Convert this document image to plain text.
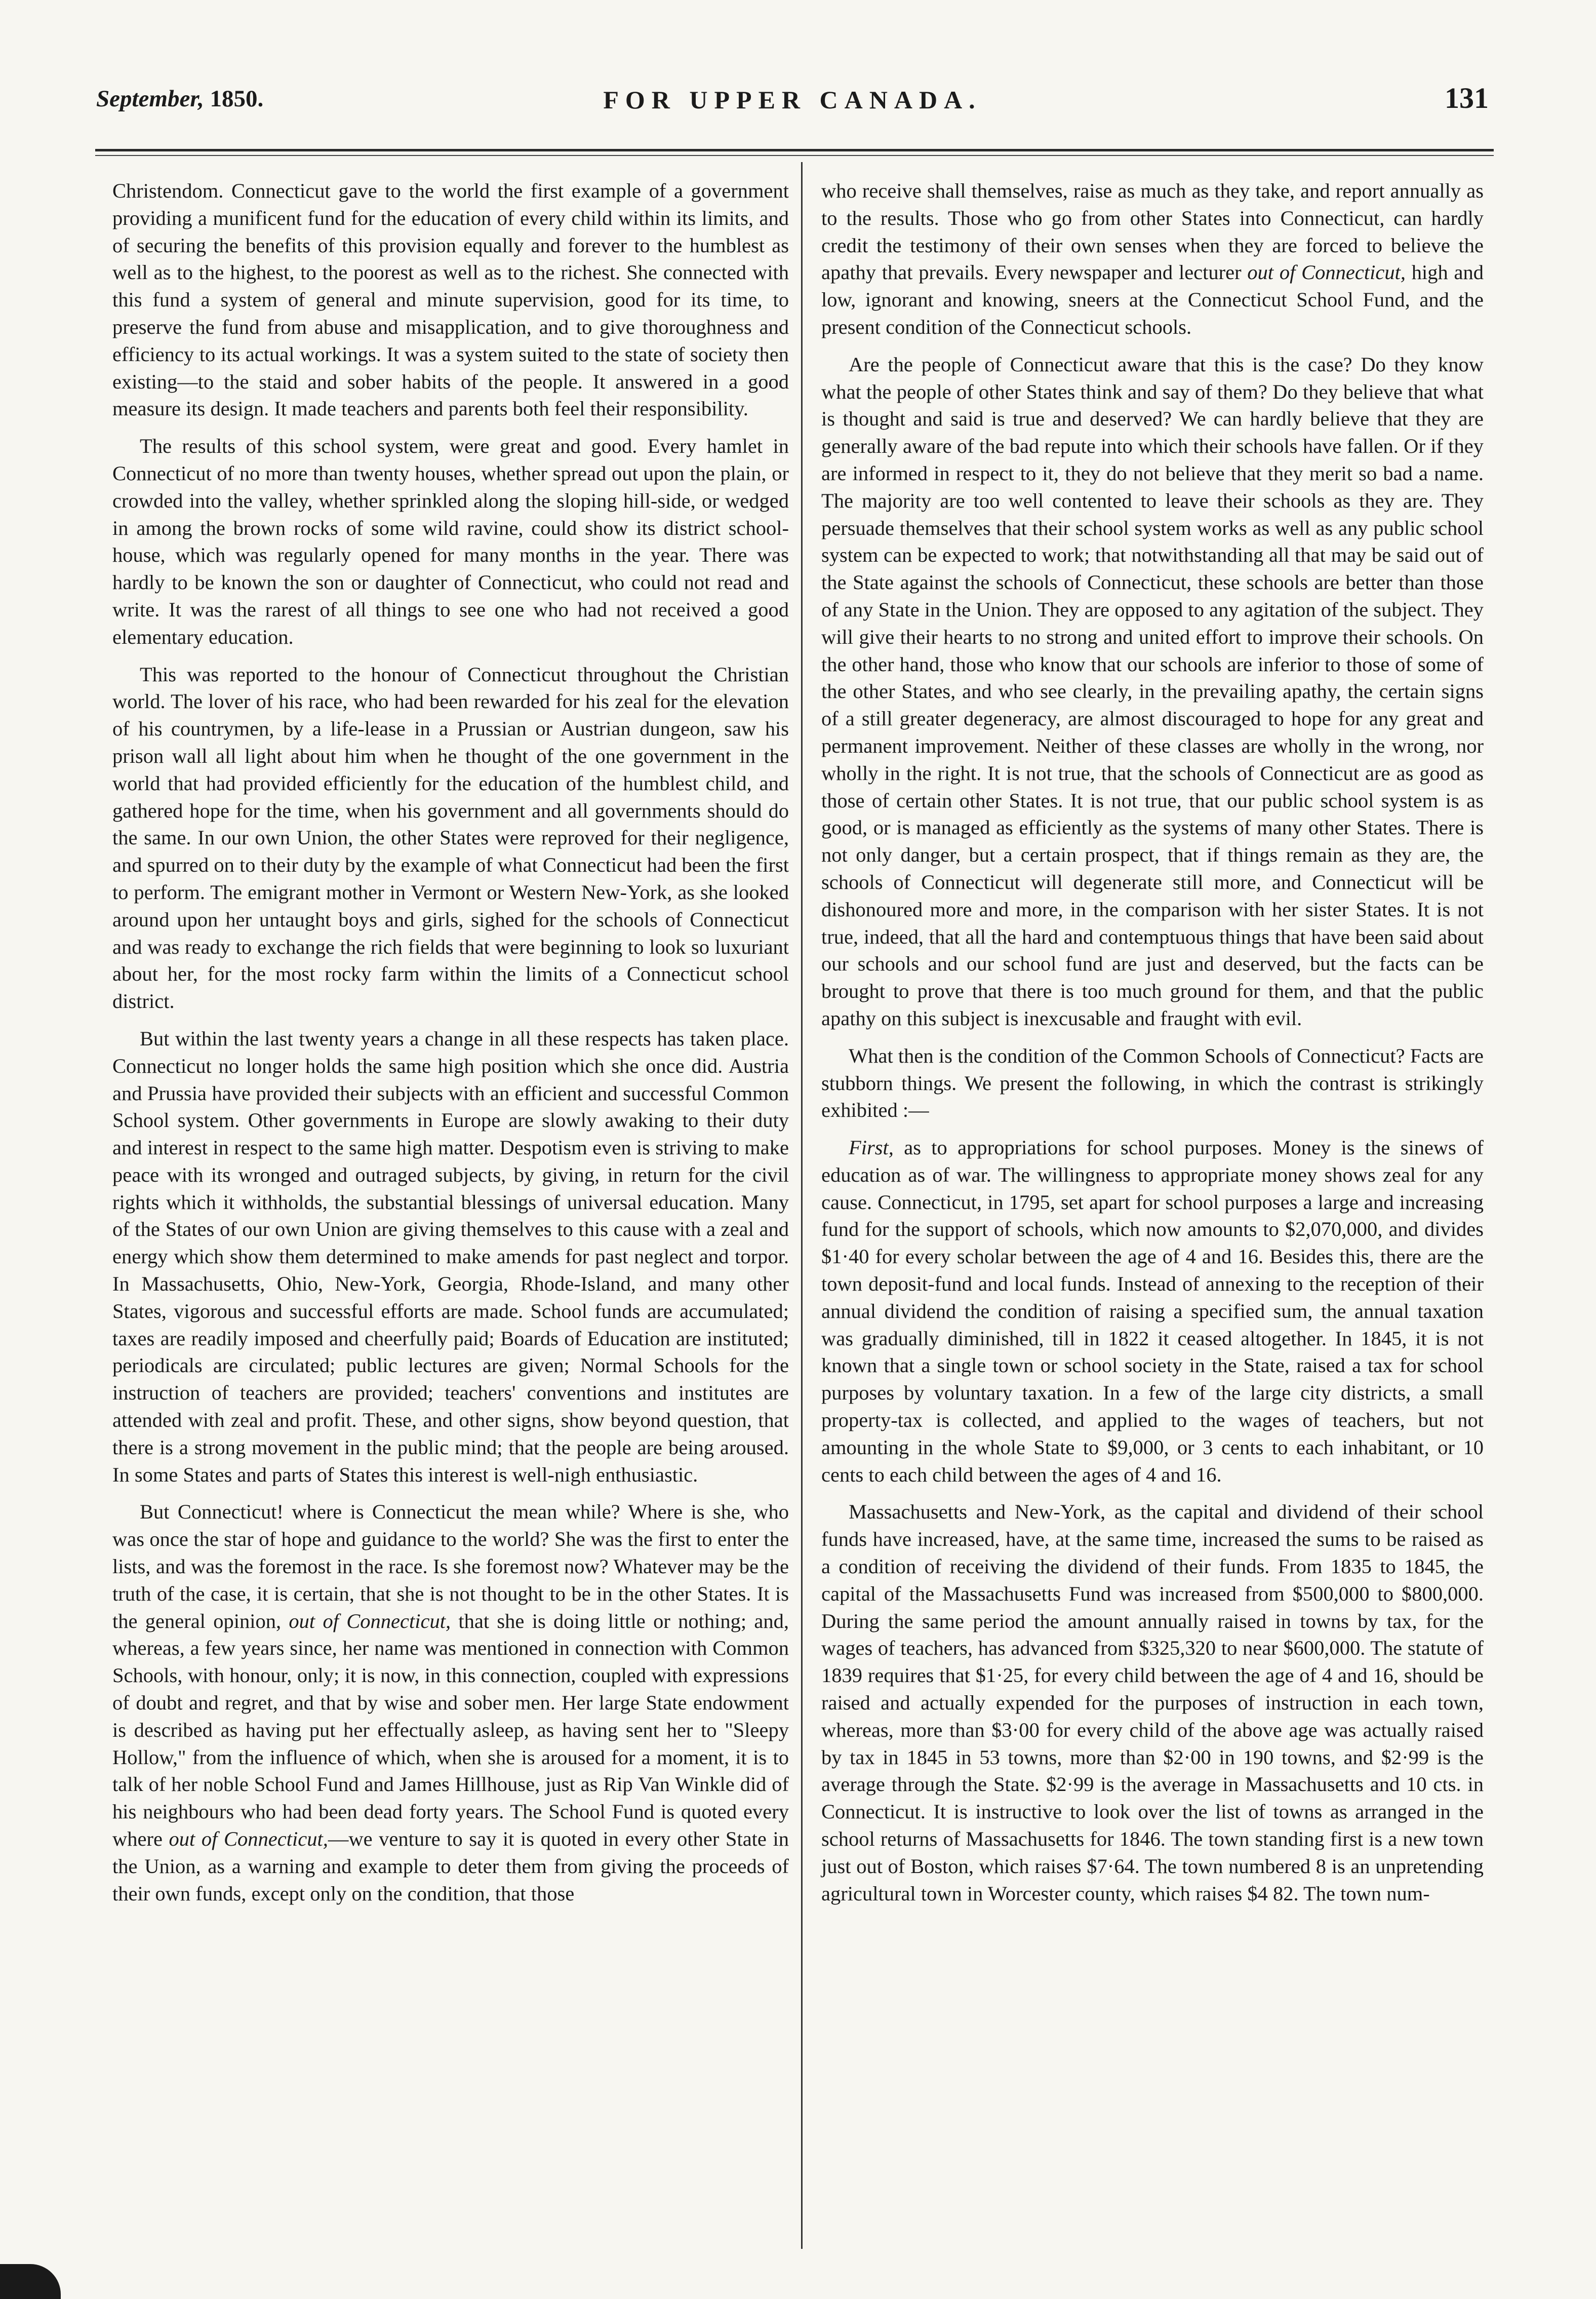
September, 1850.	FOR UPPER CANADA.	131

Christendom. Connecticut gave to the world the first example of a government providing a munificent fund for the education of every child within its limits, and of securing the benefits of this provision equally and forever to the humblest as well as to the highest, to the poorest as well as to the richest. She connected with this fund a system of general and minute supervision, good for its time, to preserve the fund from abuse and misapplication, and to give thoroughness and efficiency to its actual workings. It was a system suited to the state of society then existing—to the staid and sober habits of the people. It answered in a good measure its design. It made teachers and parents both feel their responsibility.

The results of this school system, were great and good. Every hamlet in Connecticut of no more than twenty houses, whether spread out upon the plain, or crowded into the valley, whether sprinkled along the sloping hill-side, or wedged in among the brown rocks of some wild ravine, could show its district school-house, which was regularly opened for many months in the year. There was hardly to be known the son or daughter of Connecticut, who could not read and write. It was the rarest of all things to see one who had not received a good elementary education.

This was reported to the honour of Connecticut throughout the Christian world. The lover of his race, who had been rewarded for his zeal for the elevation of his countrymen, by a life-lease in a Prussian or Austrian dungeon, saw his prison wall all light about him when he thought of the one government in the world that had provided efficiently for the education of the humblest child, and gathered hope for the time, when his government and all governments should do the same. In our own Union, the other States were reproved for their negligence, and spurred on to their duty by the example of what Connecticut had been the first to perform. The emigrant mother in Vermont or Western New-York, as she looked around upon her untaught boys and girls, sighed for the schools of Connecticut and was ready to exchange the rich fields that were beginning to look so luxuriant about her, for the most rocky farm within the limits of a Connecticut school district.

But within the last twenty years a change in all these respects has taken place. Connecticut no longer holds the same high position which she once did. Austria and Prussia have provided their subjects with an efficient and successful Common School system. Other governments in Europe are slowly awaking to their duty and interest in respect to the same high matter. Despotism even is striving to make peace with its wronged and outraged subjects, by giving, in return for the civil rights which it withholds, the substantial blessings of universal education. Many of the States of our own Union are giving themselves to this cause with a zeal and energy which show them determined to make amends for past neglect and torpor. In Massachusetts, Ohio, New-York, Georgia, Rhode-Island, and many other States, vigorous and successful efforts are made. School funds are accumulated; taxes are readily imposed and cheerfully paid; Boards of Education are instituted; periodicals are circulated; public lectures are given; Normal Schools for the instruction of teachers are provided; teachers' conventions and institutes are attended with zeal and profit. These, and other signs, show beyond question, that there is a strong movement in the public mind; that the people are being aroused. In some States and parts of States this interest is well-nigh enthusiastic.

But Connecticut! where is Connecticut the mean while? Where is she, who was once the star of hope and guidance to the world? She was the first to enter the lists, and was the foremost in the race. Is she foremost now? Whatever may be the truth of the case, it is certain, that she is not thought to be in the other States. It is the general opinion, out of Connecticut, that she is doing little or nothing; and, whereas, a few years since, her name was mentioned in connection with Common Schools, with honour, only; it is now, in this connection, coupled with expressions of doubt and regret, and that by wise and sober men. Her large State endowment is described as having put her effectually asleep, as having sent her to "Sleepy Hollow," from the influence of which, when she is aroused for a moment, it is to talk of her noble School Fund and James Hillhouse, just as Rip Van Winkle did of his neighbours who had been dead forty years. The School Fund is quoted every where out of Connecticut,—we venture to say it is quoted in every other State in the Union, as a warning and example to deter them from giving the proceeds of their own funds, except only on the condition, that those

who receive shall themselves, raise as much as they take, and report annually as to the results. Those who go from other States into Connecticut, can hardly credit the testimony of their own senses when they are forced to believe the apathy that prevails. Every newspaper and lecturer out of Connecticut, high and low, ignorant and knowing, sneers at the Connecticut School Fund, and the present condition of the Connecticut schools.

Are the people of Connecticut aware that this is the case? Do they know what the people of other States think and say of them? Do they believe that what is thought and said is true and deserved? We can hardly believe that they are generally aware of the bad repute into which their schools have fallen. Or if they are informed in respect to it, they do not believe that they merit so bad a name. The majority are too well contented to leave their schools as they are. They persuade themselves that their school system works as well as any public school system can be expected to work; that notwithstanding all that may be said out of the State against the schools of Connecticut, these schools are better than those of any State in the Union. They are opposed to any agitation of the subject. They will give their hearts to no strong and united effort to improve their schools. On the other hand, those who know that our schools are inferior to those of some of the other States, and who see clearly, in the prevailing apathy, the certain signs of a still greater degeneracy, are almost discouraged to hope for any great and permanent improvement. Neither of these classes are wholly in the wrong, nor wholly in the right. It is not true, that the schools of Connecticut are as good as those of certain other States. It is not true, that our public school system is as good, or is managed as efficiently as the systems of many other States. There is not only danger, but a certain prospect, that if things remain as they are, the schools of Connecticut will degenerate still more, and Connecticut will be dishonoured more and more, in the comparison with her sister States. It is not true, indeed, that all the hard and contemptuous things that have been said about our schools and our school fund are just and deserved, but the facts can be brought to prove that there is too much ground for them, and that the public apathy on this subject is inexcusable and fraught with evil.

What then is the condition of the Common Schools of Connecticut? Facts are stubborn things. We present the following, in which the contrast is strikingly exhibited :—

First, as to appropriations for school purposes. Money is the sinews of education as of war. The willingness to appropriate money shows zeal for any cause. Connecticut, in 1795, set apart for school purposes a large and increasing fund for the support of schools, which now amounts to $2,070,000, and divides $1·40 for every scholar between the age of 4 and 16. Besides this, there are the town deposit-fund and local funds. Instead of annexing to the reception of their annual dividend the condition of raising a specified sum, the annual taxation was gradually diminished, till in 1822 it ceased altogether. In 1845, it is not known that a single town or school society in the State, raised a tax for school purposes by voluntary taxation. In a few of the large city districts, a small property-tax is collected, and applied to the wages of teachers, but not amounting in the whole State to $9,000, or 3 cents to each inhabitant, or 10 cents to each child between the ages of 4 and 16.

Massachusetts and New-York, as the capital and dividend of their school funds have increased, have, at the same time, increased the sums to be raised as a condition of receiving the dividend of their funds. From 1835 to 1845, the capital of the Massachusetts Fund was increased from $500,000 to $800,000. During the same period the amount annually raised in towns by tax, for the wages of teachers, has advanced from $325,320 to near $600,000. The statute of 1839 requires that $1·25, for every child between the age of 4 and 16, should be raised and actually expended for the purposes of instruction in each town, whereas, more than $3·00 for every child of the above age was actually raised by tax in 1845 in 53 towns, more than $2·00 in 190 towns, and $2·99 is the average through the State. $2·99 is the average in Massachusetts and 10 cts. in Connecticut. It is instructive to look over the list of towns as arranged in the school returns of Massachusetts for 1846. The town standing first is a new town just out of Boston, which raises $7·64. The town numbered 8 is an unpretending agricultural town in Worcester county, which raises $4 82. The town num-
